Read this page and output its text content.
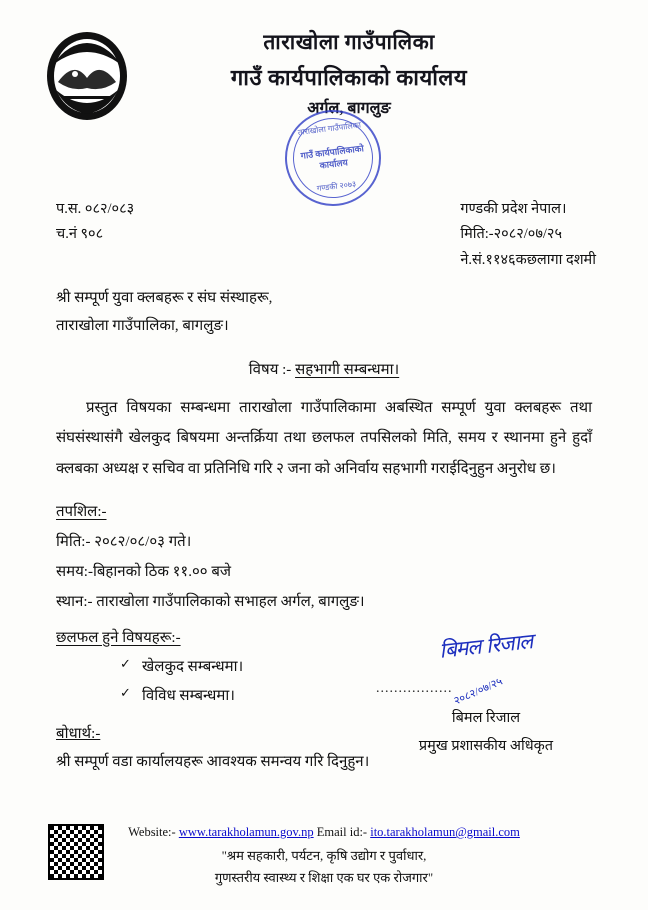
ताराखोला गाउँपालिका
गाउँ कार्यपालिकाको कार्यालय
अर्गल, बागलुङ
ताराखोला गाउँपालिका
गाउँ कार्यपालिकाको कार्यालय
गण्डकी २०७३
प.स. ०८२/०८३
च.नं ९०८
गण्डकी प्रदेश नेपाल।
मिति:-२०८२/०७/२५
ने.सं.११४६कछलागा दशमी
श्री सम्पूर्ण युवा क्लबहरू र संघ संस्थाहरू,
ताराखोला गाउँपालिका, बागलुङ।
विषय :- सहभागी सम्बन्धमा।
प्रस्तुत विषयका सम्बन्धमा ताराखोला गाउँपालिकामा अबस्थित सम्पूर्ण युवा क्लबहरू तथा संघसंस्थासंगै खेलकुद बिषयमा अन्तर्क्रिया तथा छलफल तपसिलको मिति, समय र स्थानमा हुने हुदाँ क्लबका अध्यक्ष र सचिव वा प्रतिनिधि गरि २ जना को अनिर्वाय सहभागी गराईदिनुहुन अनुरोध छ।
तपशिल:-
मिति:- २०८२/०८/०३ गते।
समय:-बिहानको ठिक ११.०० बजे
स्थान:- ताराखोला गाउँपालिकाको सभाहल अर्गल, बागलुङ।
छलफल हुने विषयहरू:-
✓ खेलकुद सम्बन्धमा।
✓ विविध सम्बन्धमा।
बोधार्थ:-
श्री सम्पूर्ण वडा कार्यालयहरू आवश्यक समन्वय गरि दिनुहुन।
बिमल रिजाल
२०८२/०७/२५
.................
बिमल रिजाल
प्रमुख प्रशासकीय अधिकृत
Website:- www.tarakholamun.gov.np Email id:- ito.tarakholamun@gmail.com
"श्रम सहकारी, पर्यटन, कृषि उद्योग र पुर्वाधार,
गुणस्तरीय स्वास्थ्य र शिक्षा एक घर एक रोजगार"
